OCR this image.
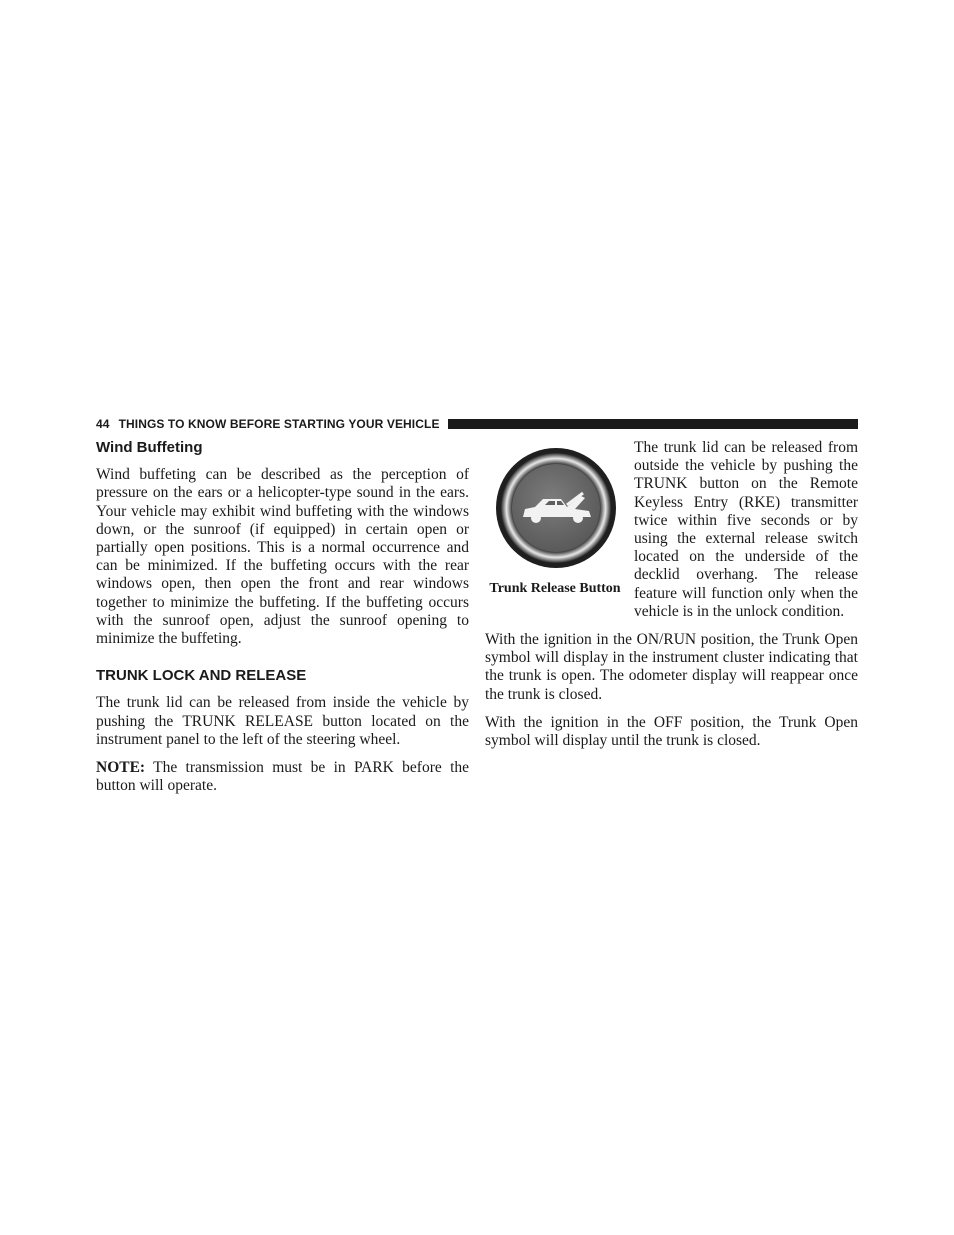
44 THINGS TO KNOW BEFORE STARTING YOUR VEHICLE
Wind Buffeting

Wind buffeting can be described as the perception of pressure on the ears or a helicopter-type sound in the ears. Your vehicle may exhibit wind buffeting with the windows down, or the sunroof (if equipped) in certain open or partially open positions. This is a normal occurrence and can be minimized. If the buffeting occurs with the rear windows open, then open the front and rear windows together to minimize the buffeting. If the buffeting occurs with the sunroof open, adjust the sunroof opening to minimize the buffeting.

TRUNK LOCK AND RELEASE

The trunk lid can be released from inside the vehicle by pushing the TRUNK RELEASE button located on the instrument panel to the left of the steering wheel.

NOTE: The transmission must be in PARK before the button will operate.

Trunk Release Button

The trunk lid can be released from outside the vehicle by pushing the TRUNK button on the Remote Keyless Entry (RKE) transmitter twice within five seconds or by using the external release switch located on the underside of the decklid overhang. The release feature will function only when the vehicle is in the unlock condition.

With the ignition in the ON/RUN position, the Trunk Open symbol will display in the instrument cluster indicating that the trunk is open. The odometer display will reappear once the trunk is closed.

With the ignition in the OFF position, the Trunk Open symbol will display until the trunk is closed.
